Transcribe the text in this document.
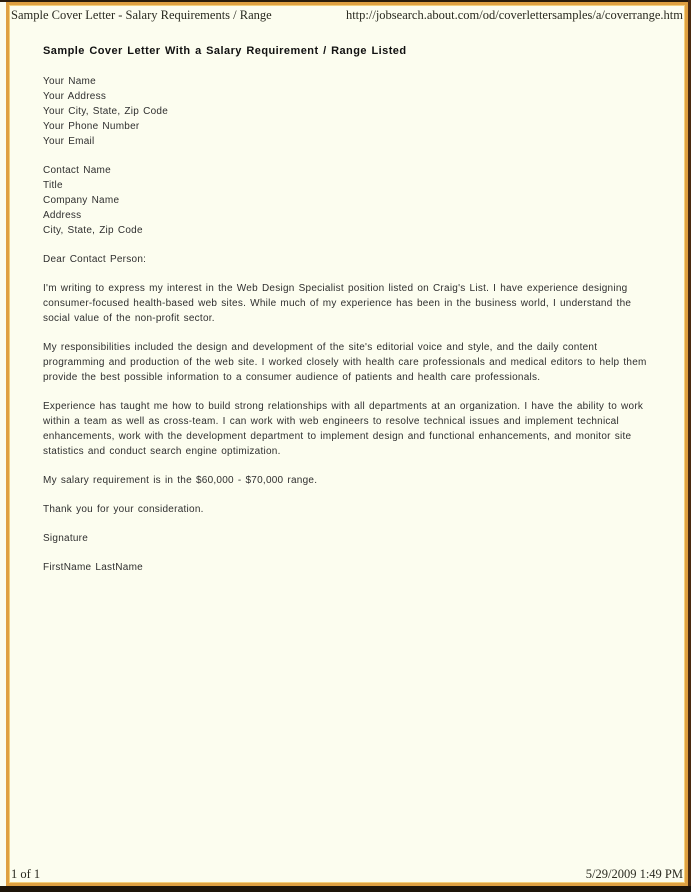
Sample Cover Letter - Salary Requirements / Range	http://jobsearch.about.com/od/coverlettersamples/a/coverrange.htm
Sample Cover Letter With a Salary Requirement / Range Listed
Your Name
Your Address
Your City, State, Zip Code
Your Phone Number
Your Email
Contact Name
Title
Company Name
Address
City, State, Zip Code
Dear Contact Person:

I'm writing to express my interest in the Web Design Specialist position listed on Craig's List. I have experience designing consumer-focused health-based web sites. While much of my experience has been in the business world, I understand the social value of the non-profit sector.

My responsibilities included the design and development of the site's editorial voice and style, and the daily content programming and production of the web site. I worked closely with health care professionals and medical editors to help them provide the best possible information to a consumer audience of patients and health care professionals.

Experience has taught me how to build strong relationships with all departments at an organization. I have the ability to work within a team as well as cross-team. I can work with web engineers to resolve technical issues and implement technical enhancements, work with the development department to implement design and functional enhancements, and monitor site statistics and conduct search engine optimization.

My salary requirement is in the $60,000 - $70,000 range.

Thank you for your consideration.

Signature

FirstName LastName

1 of 1	5/29/2009 1:49 PM
